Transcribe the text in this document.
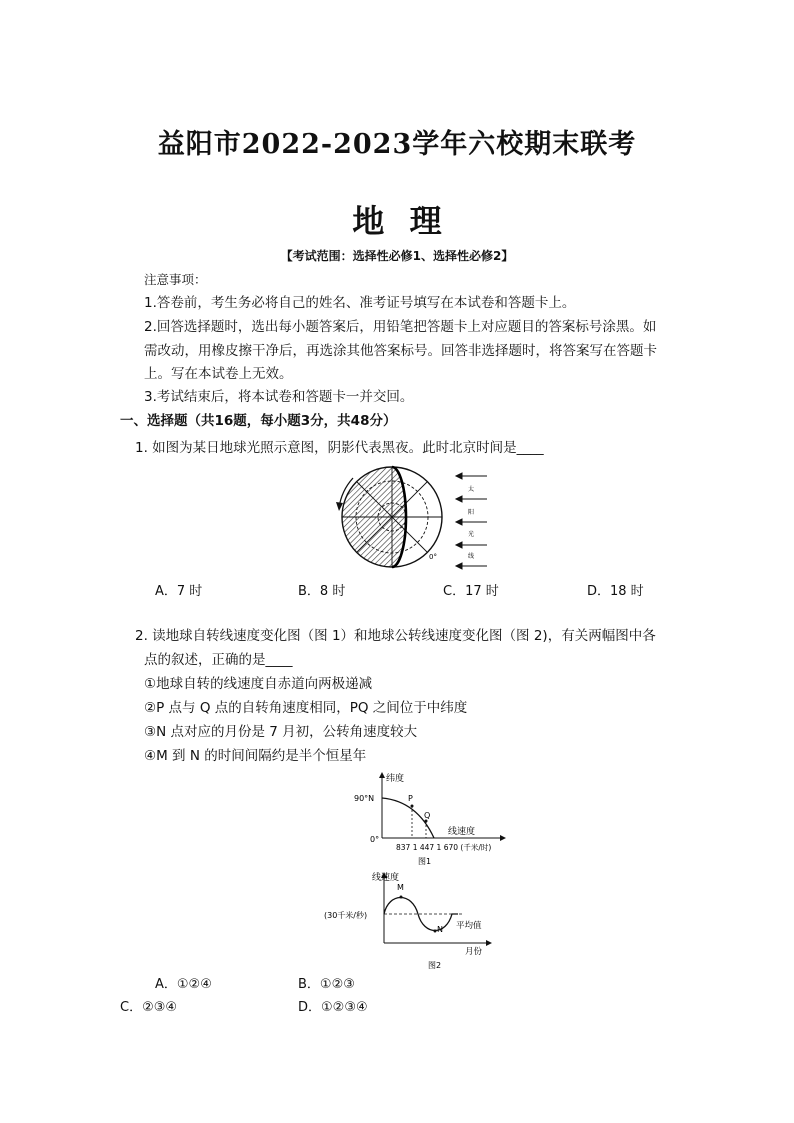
益阳市2022-2023学年六校期末联考
地 理
【考试范围：选择性必修1、选择性必修2】
注意事项：
1.答卷前，考生务必将自己的姓名、准考证号填写在本试卷和答题卡上。
2.回答选择题时，选出每小题答案后，用铅笔把答题卡上对应题目的答案标号涂黑。如
需改动，用橡皮擦干净后，再选涂其他答案标号。回答非选择题时，将答案写在答题卡
上。写在本试卷上无效。
3.考试结束后，将本试卷和答题卡一并交回。
一、选择题（共16题，每小题3分，共48分）
1. 如图为某日地球光照示意图，阴影代表黑夜。此时北京时间是____
0°
太
阳
光
线
A．7 时	B．8 时	C．17 时	D．18 时
2. 读地球自转线速度变化图（图 1）和地球公转线速度变化图（图 2)，有关两幅图中各
点的叙述，正确的是____
①地球自转的线速度自赤道向两极递减
②P 点与 Q 点的自转角速度相同，PQ 之间位于中纬度
③N 点对应的月份是 7 月初，公转角速度较大
④M 到 N 的时间间隔约是半个恒星年
纬度
90°N
0°
P
Q
线速度
837 1 447 1 670 (千米/时)
图1
线速度
M
(30千米/秒)
N 平均值
月份
图2
A．①②④	B．①②③
C．②③④	D．①②③④
